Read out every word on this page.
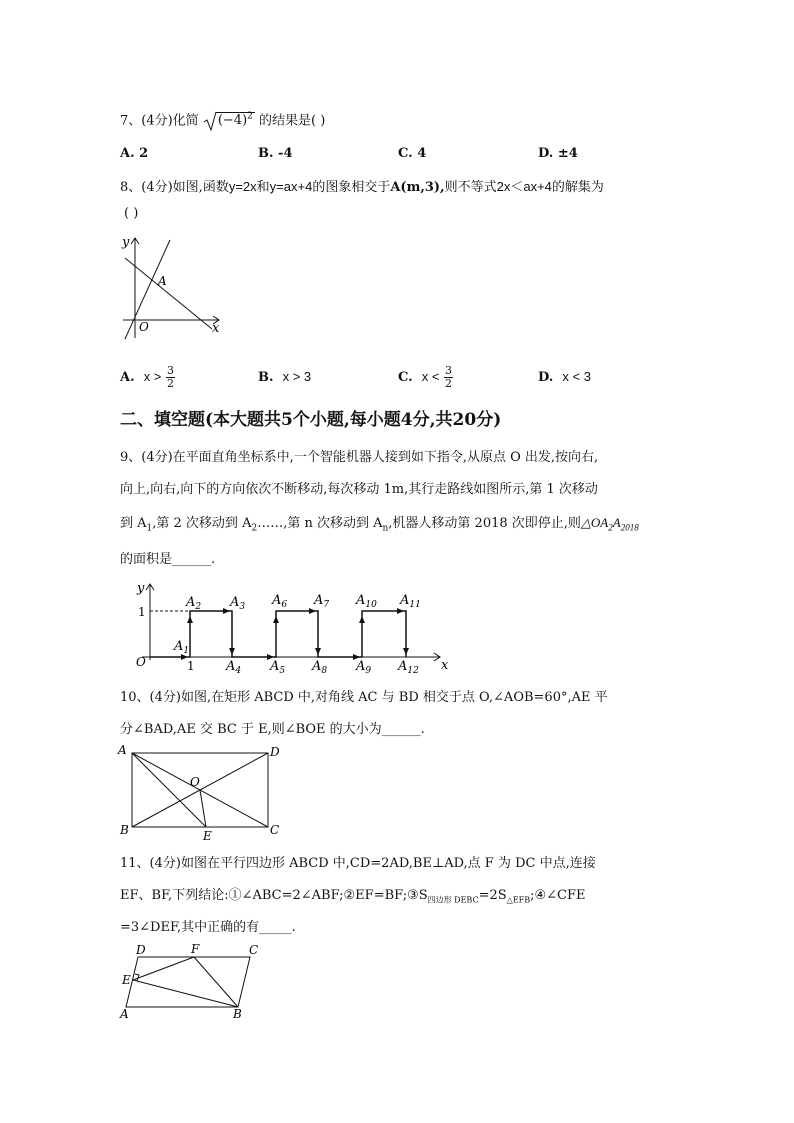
7、(4分)化简 $(-4)^2$ 的结果是( )
A. 2	B. -4	C. 4	D. ±4
8、(4分)如图,函数y=2x和y=ax+4的图象相交于A(m,3),则不等式2x＜ax+4的解集为
( )
y
x
A
O
A. $x > \frac{3}{2}$	B. x > 3	C. $x < \frac{3}{2}$	D. x < 3
二、填空题(本大题共5个小题,每小题4分,共20分)
9、(4分)在平面直角坐标系中,一个智能机器人接到如下指令,从原点 O 出发,按向右,
向上,向右,向下的方向依次不断移动,每次移动 1m,其行走路线如图所示,第 1 次移动
到 $A_1$,第 2 次移动到 $A_2\dots\dots$,第 n 次移动到 $A_n$,机器人移动第 2018 次即停止,则$\triangle OA_2A_{2018}$
的面积是______.
y
1
O	1	x
$A_1$
$A_2$ $A_3$ $A_6$ $A_7$ $A_{10}$ $A_{11}$
$A_4$ $A_5$ $A_8$ $A_9$ $A_{12}$
10、(4分)如图,在矩形 ABCD 中,对角线 AC 与 BD 相交于点 O,∠AOB=60°,AE 平
分∠BAD,AE 交 BC 于 E,则∠BOE 的大小为______.
A	D
B	C
O
E
11、(4分)如图在平行四边形 ABCD 中,CD=2AD,BE⊥AD,点 F 为 DC 中点,连接
EF、BF,下列结论$:①\angle ABC=2\angle ABF;②EF=BF;③S_{四边形 DEBC}=2S_{\triangle EFB};④\angle CFE$
=3∠DEF,其中正确的有_____.
D	F	C
E
A	B
